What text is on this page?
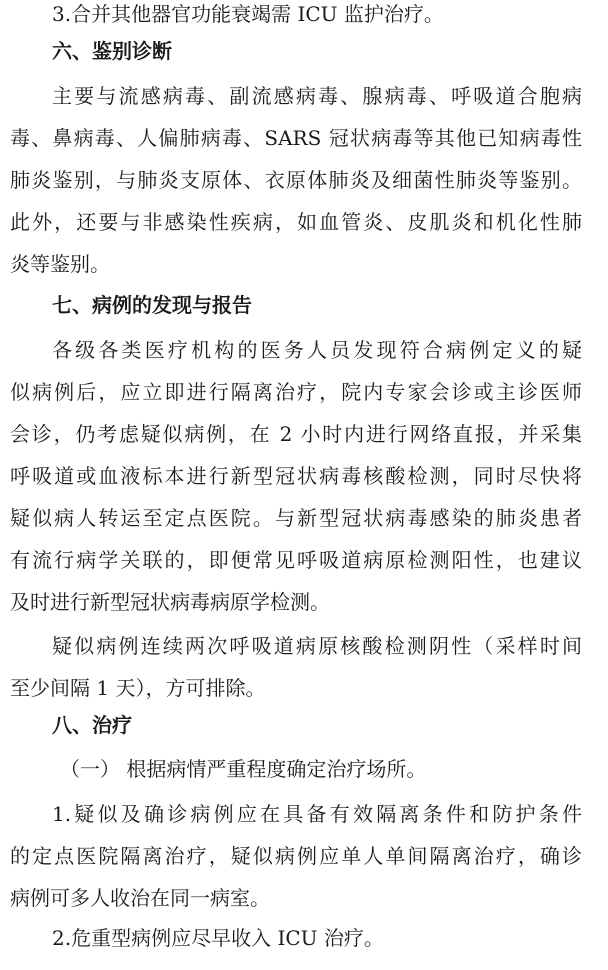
3.合并其他器官功能衰竭需 ICU 监护治疗。
六、鉴别诊断
主要与流感病毒、副流感病毒、腺病毒、呼吸道合胞病
毒、鼻病毒、人偏肺病毒、SARS 冠状病毒等其他已知病毒性
肺炎鉴别，与肺炎支原体、衣原体肺炎及细菌性肺炎等鉴别。
此外，还要与非感染性疾病，如血管炎、皮肌炎和机化性肺
炎等鉴别。
七、病例的发现与报告
各级各类医疗机构的医务人员发现符合病例定义的疑
似病例后，应立即进行隔离治疗，院内专家会诊或主诊医师
会诊，仍考虑疑似病例，在 2 小时内进行网络直报，并采集
呼吸道或血液标本进行新型冠状病毒核酸检测，同时尽快将
疑似病人转运至定点医院。与新型冠状病毒感染的肺炎患者
有流行病学关联的，即便常见呼吸道病原检测阳性，也建议
及时进行新型冠状病毒病原学检测。
疑似病例连续两次呼吸道病原核酸检测阴性（采样时间
至少间隔 1 天），方可排除。
八、治疗
（一） 根据病情严重程度确定治疗场所。
1.疑似及确诊病例应在具备有效隔离条件和防护条件
的定点医院隔离治疗，疑似病例应单人单间隔离治疗，确诊
病例可多人收治在同一病室。
2.危重型病例应尽早收入 ICU 治疗。
